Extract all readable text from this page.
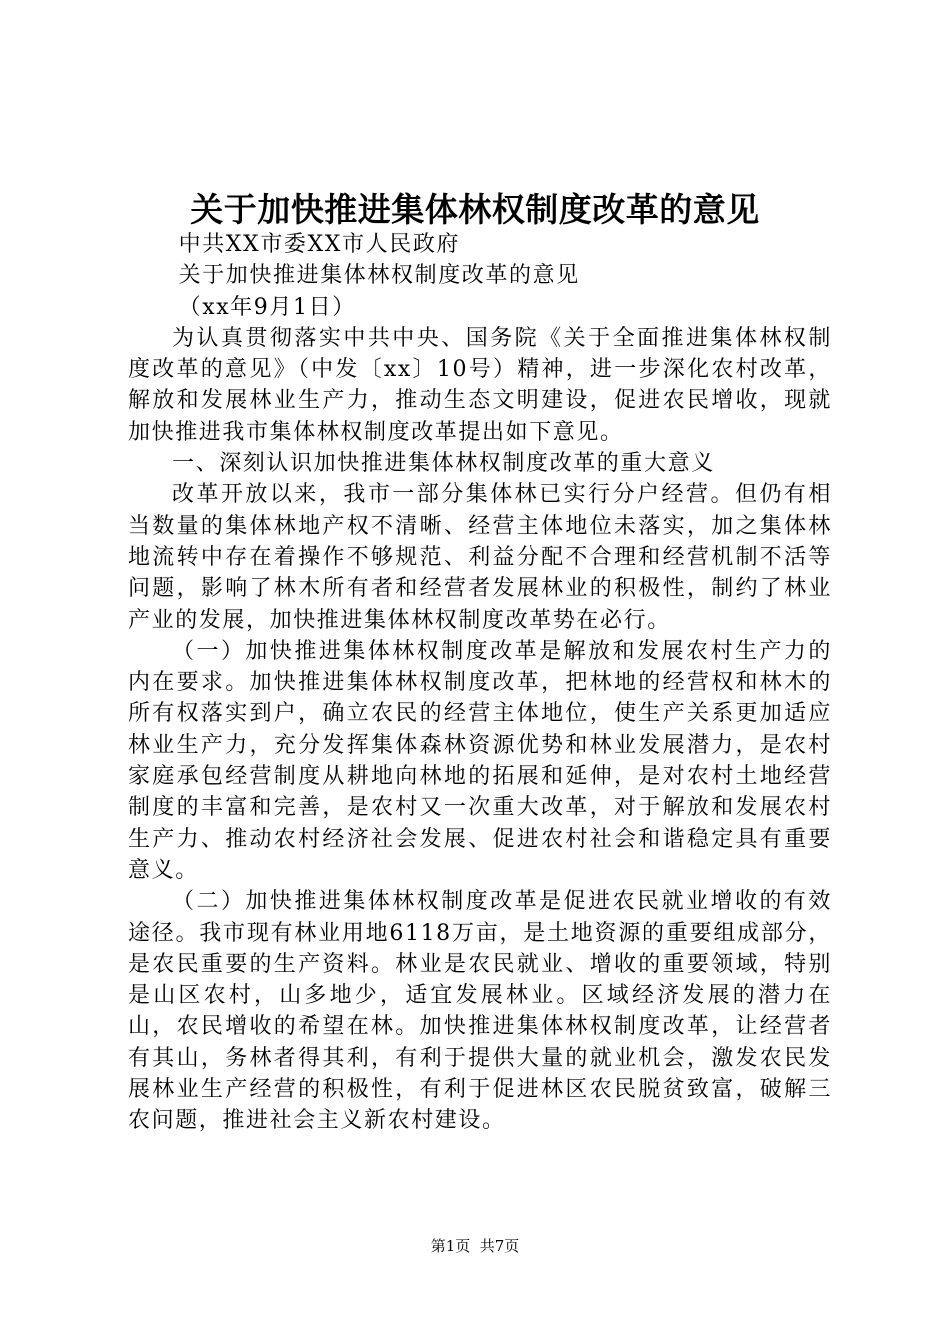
关于加快推进集体林权制度改革的意见

中共XX市委XX市人民政府

关于加快推进集体林权制度改革的意见

（xx年9月1日）

为认真贯彻落实中共中央、国务院《关于全面推进集体林权制度改革的意见》（中发〔xx〕10号）精神，进一步深化农村改革，解放和发展林业生产力，推动生态文明建设，促进农民增收，现就加快推进我市集体林权制度改革提出如下意见。

一、深刻认识加快推进集体林权制度改革的重大意义

改革开放以来，我市一部分集体林已实行分户经营。但仍有相当数量的集体林地产权不清晰、经营主体地位未落实，加之集体林地流转中存在着操作不够规范、利益分配不合理和经营机制不活等问题，影响了林木所有者和经营者发展林业的积极性，制约了林业产业的发展，加快推进集体林权制度改革势在必行。

（一）加快推进集体林权制度改革是解放和发展农村生产力的内在要求。加快推进集体林权制度改革，把林地的经营权和林木的所有权落实到户，确立农民的经营主体地位，使生产关系更加适应林业生产力，充分发挥集体森林资源优势和林业发展潜力，是农村家庭承包经营制度从耕地向林地的拓展和延伸，是对农村土地经营制度的丰富和完善，是农村又一次重大改革，对于解放和发展农村生产力、推动农村经济社会发展、促进农村社会和谐稳定具有重要意义。

（二）加快推进集体林权制度改革是促进农民就业增收的有效途径。我市现有林业用地6118万亩，是土地资源的重要组成部分，是农民重要的生产资料。林业是农民就业、增收的重要领域，特别是山区农村，山多地少，适宜发展林业。区域经济发展的潜力在山，农民增收的希望在林。加快推进集体林权制度改革，让经营者有其山，务林者得其利，有利于提供大量的就业机会，激发农民发展林业生产经营的积极性，有利于促进林区农民脱贫致富，破解三农问题，推进社会主义新农村建设。

第1页  共7页
